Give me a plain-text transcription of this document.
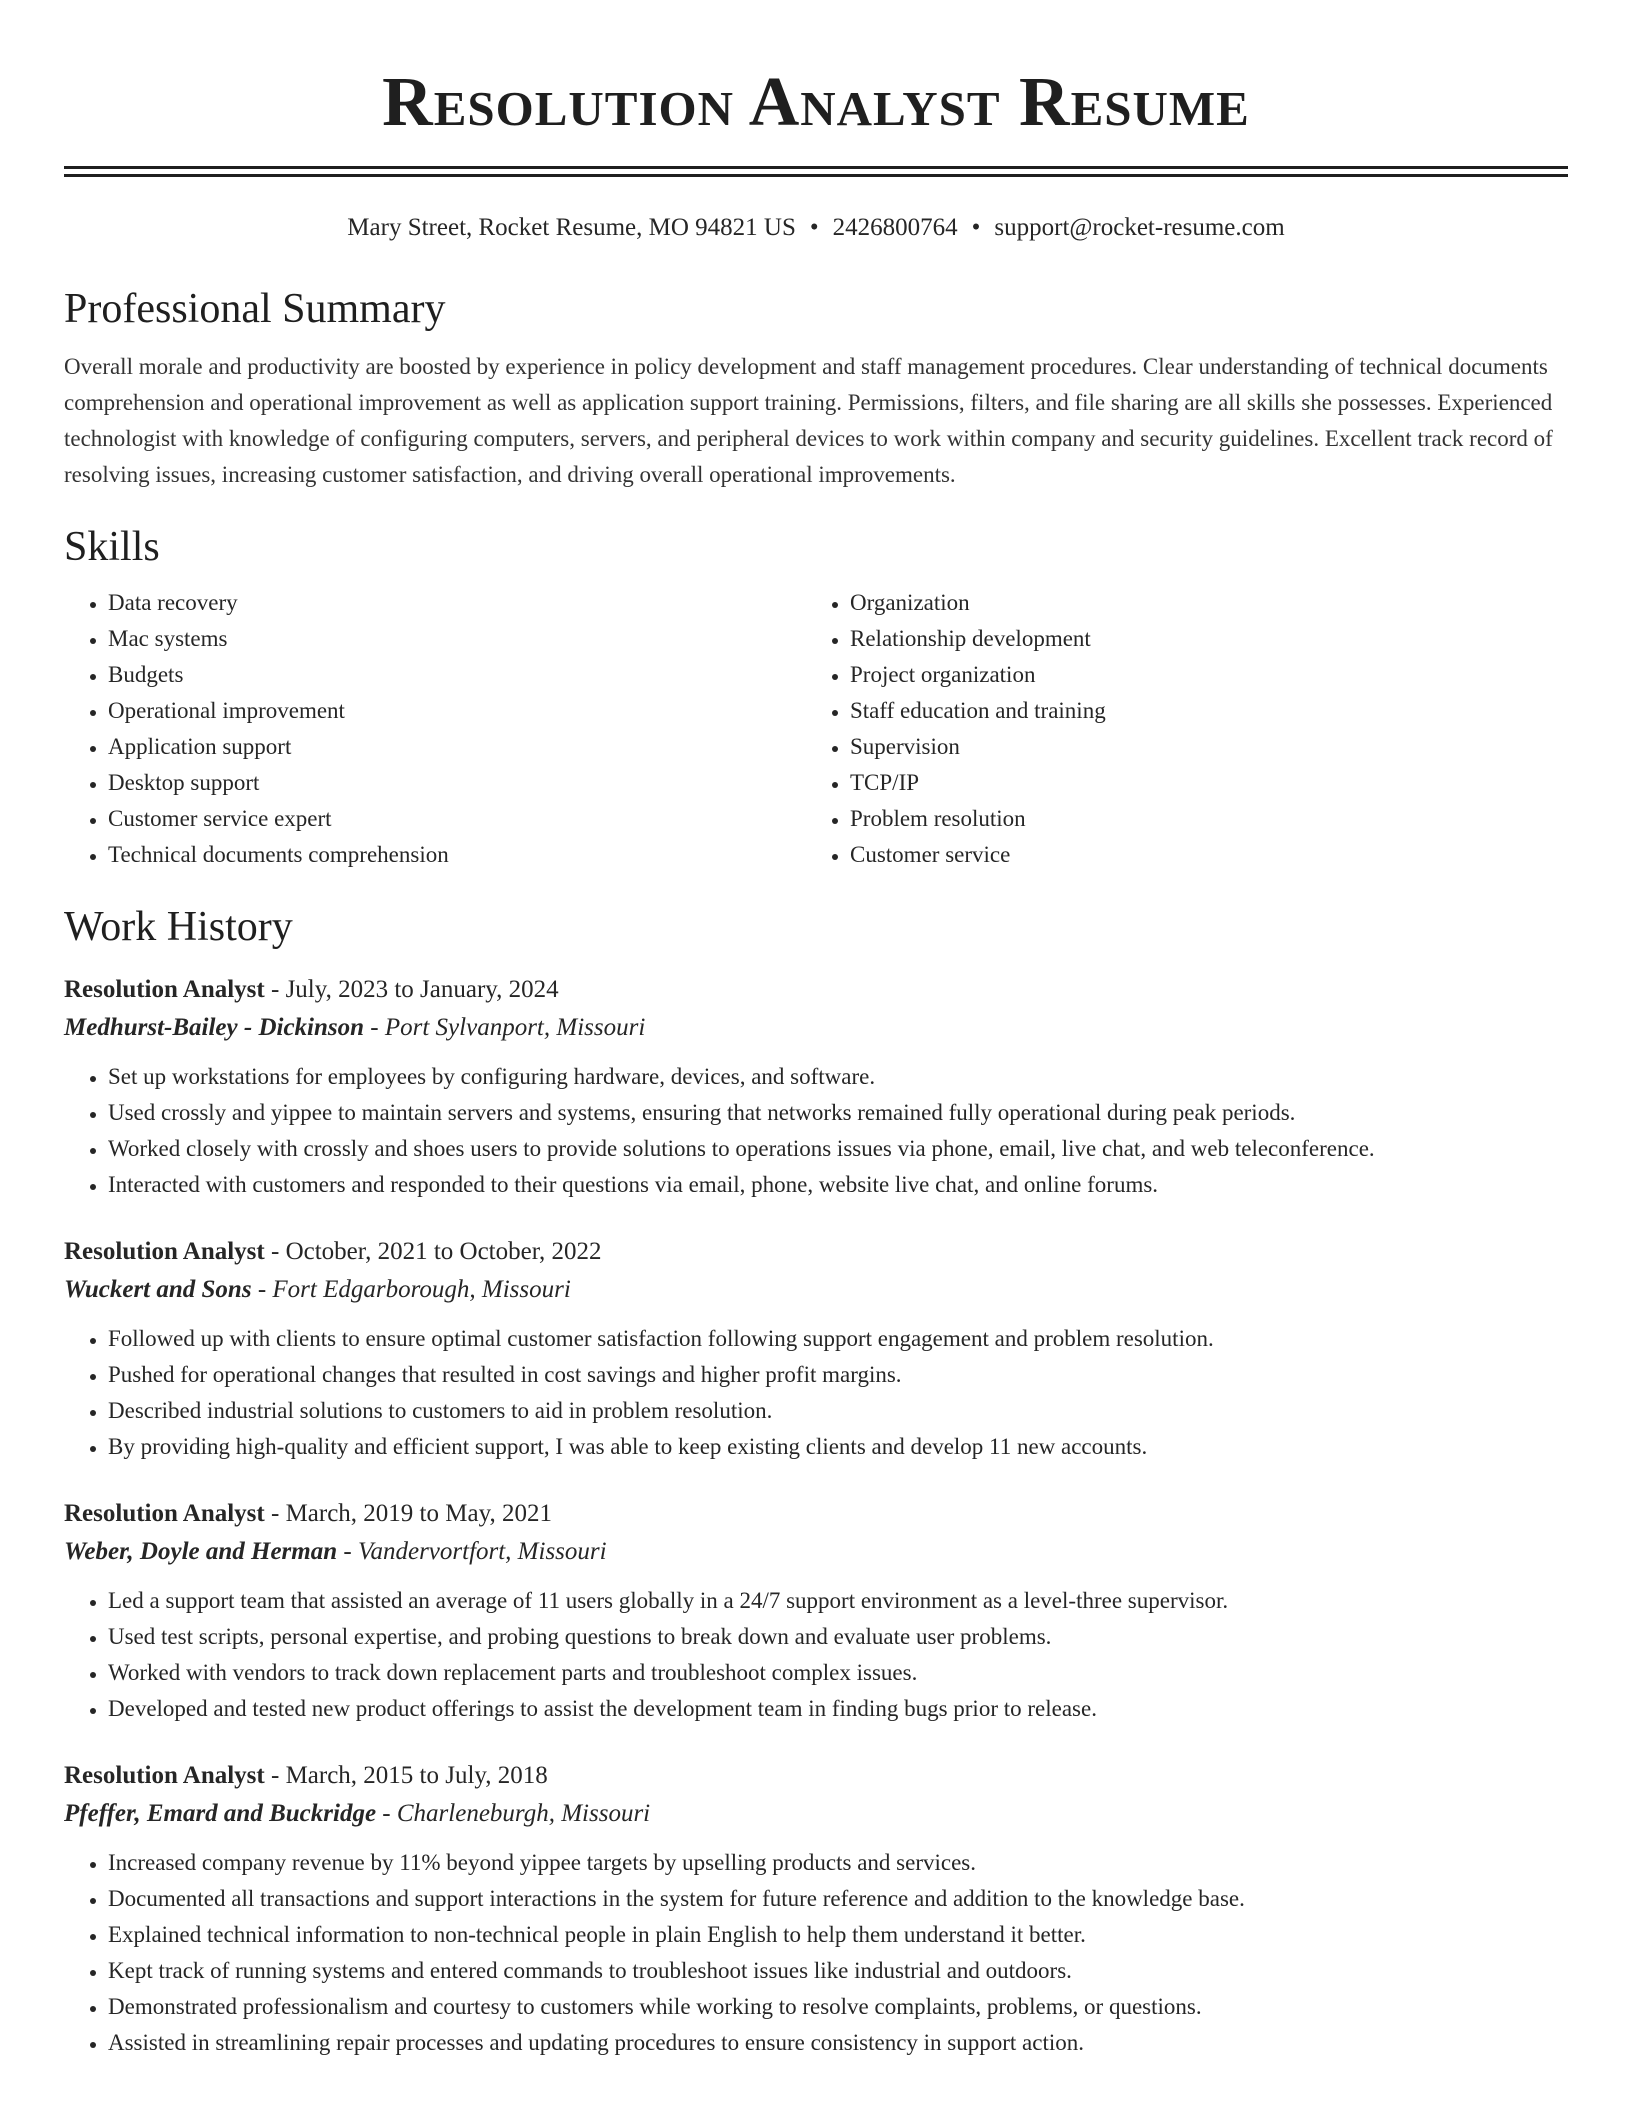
Resolution Analyst Resume
Mary Street, Rocket Resume, MO 94821 US • 2426800764 • support@rocket-resume.com
Professional Summary

Overall morale and productivity are boosted by experience in policy development and staff management procedures. Clear understanding of technical documents comprehension and operational improvement as well as application support training. Permissions, filters, and file sharing are all skills she possesses. Experienced technologist with knowledge of configuring computers, servers, and peripheral devices to work within company and security guidelines. Excellent track record of resolving issues, increasing customer satisfaction, and driving overall operational improvements.

Skills
• Data recovery
• Mac systems
• Budgets
• Operational improvement
• Application support
• Desktop support
• Customer service expert
• Technical documents comprehension
• Organization
• Relationship development
• Project organization
• Staff education and training
• Supervision
• TCP/IP
• Problem resolution
• Customer service
Work History
Resolution Analyst - July, 2023 to January, 2024
Medhurst-Bailey - Dickinson - Port Sylvanport, Missouri
• Set up workstations for employees by configuring hardware, devices, and software.
• Used crossly and yippee to maintain servers and systems, ensuring that networks remained fully operational during peak periods.
• Worked closely with crossly and shoes users to provide solutions to operations issues via phone, email, live chat, and web teleconference.
• Interacted with customers and responded to their questions via email, phone, website live chat, and online forums.
Resolution Analyst - October, 2021 to October, 2022
Wuckert and Sons - Fort Edgarborough, Missouri
• Followed up with clients to ensure optimal customer satisfaction following support engagement and problem resolution.
• Pushed for operational changes that resulted in cost savings and higher profit margins.
• Described industrial solutions to customers to aid in problem resolution.
• By providing high-quality and efficient support, I was able to keep existing clients and develop 11 new accounts.
Resolution Analyst - March, 2019 to May, 2021
Weber, Doyle and Herman - Vandervortfort, Missouri
• Led a support team that assisted an average of 11 users globally in a 24/7 support environment as a level-three supervisor.
• Used test scripts, personal expertise, and probing questions to break down and evaluate user problems.
• Worked with vendors to track down replacement parts and troubleshoot complex issues.
• Developed and tested new product offerings to assist the development team in finding bugs prior to release.
Resolution Analyst - March, 2015 to July, 2018
Pfeffer, Emard and Buckridge - Charleneburgh, Missouri
• Increased company revenue by 11% beyond yippee targets by upselling products and services.
• Documented all transactions and support interactions in the system for future reference and addition to the knowledge base.
• Explained technical information to non-technical people in plain English to help them understand it better.
• Kept track of running systems and entered commands to troubleshoot issues like industrial and outdoors.
• Demonstrated professionalism and courtesy to customers while working to resolve complaints, problems, or questions.
• Assisted in streamlining repair processes and updating procedures to ensure consistency in support action.
